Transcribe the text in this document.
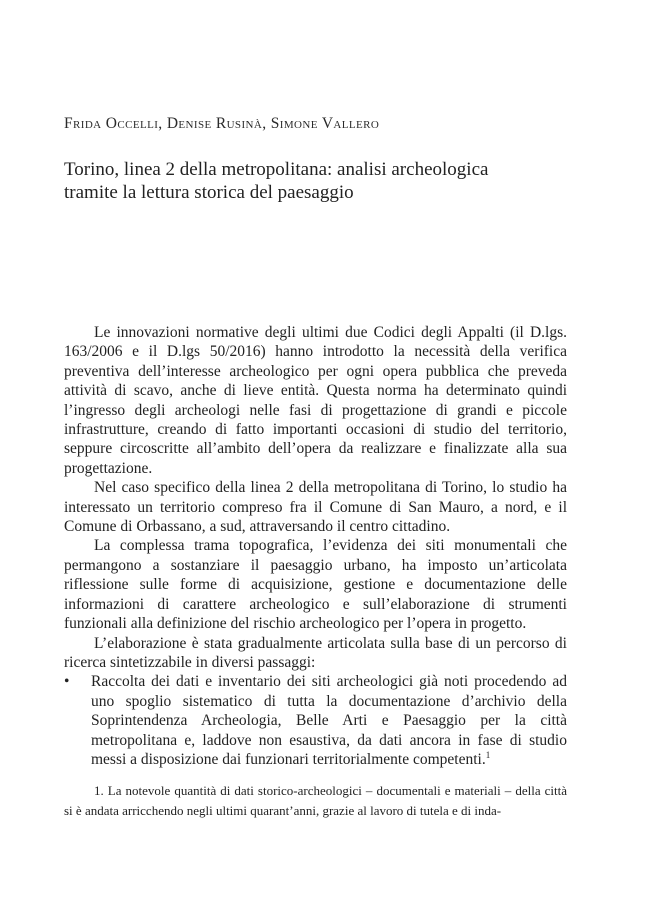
Frida Occelli, Denise Rusinà, Simone Vallero
Torino, linea 2 della metropolitana: analisi archeologica
tramite la lettura storica del paesaggio

Le innovazioni normative degli ultimi due Codici degli Appalti (il D.lgs. 163/2006 e il D.lgs 50/2016) hanno introdotto la necessità della verifica preventiva dell’interesse archeologico per ogni opera pubblica che preveda attività di scavo, anche di lieve entità. Questa norma ha determinato quindi l’ingresso degli archeologi nelle fasi di progettazione di grandi e piccole infrastrutture, creando di fatto importanti occasioni di studio del territorio, seppure circoscritte all’ambito dell’opera da realizzare e finalizzate alla sua progettazione.

Nel caso specifico della linea 2 della metropolitana di Torino, lo studio ha interessato un territorio compreso fra il Comune di San Mauro, a nord, e il Comune di Orbassano, a sud, attraversando il centro cittadino.

La complessa trama topografica, l’evidenza dei siti monumentali che permangono a sostanziare il paesaggio urbano, ha imposto un’articolata riflessione sulle forme di acquisizione, gestione e documentazione delle informazioni di carattere archeologico e sull’elaborazione di strumenti funzionali alla definizione del rischio archeologico per l’opera in progetto.

L’elaborazione è stata gradualmente articolata sulla base di un percorso di ricerca sintetizzabile in diversi passaggi:

•	Raccolta dei dati e inventario dei siti archeologici già noti procedendo ad uno spoglio sistematico di tutta la documentazione d’archivio della Soprintendenza Archeologia, Belle Arti e Paesaggio per la città metropolitana e, laddove non esaustiva, da dati ancora in fase di studio messi a disposizione dai funzionari territorialmente competenti.$^1$

1. La notevole quantità di dati storico-archeologici – documentali e materiali – della città si è andata arricchendo negli ultimi quarant’anni, grazie al lavoro di tutela e di inda-
